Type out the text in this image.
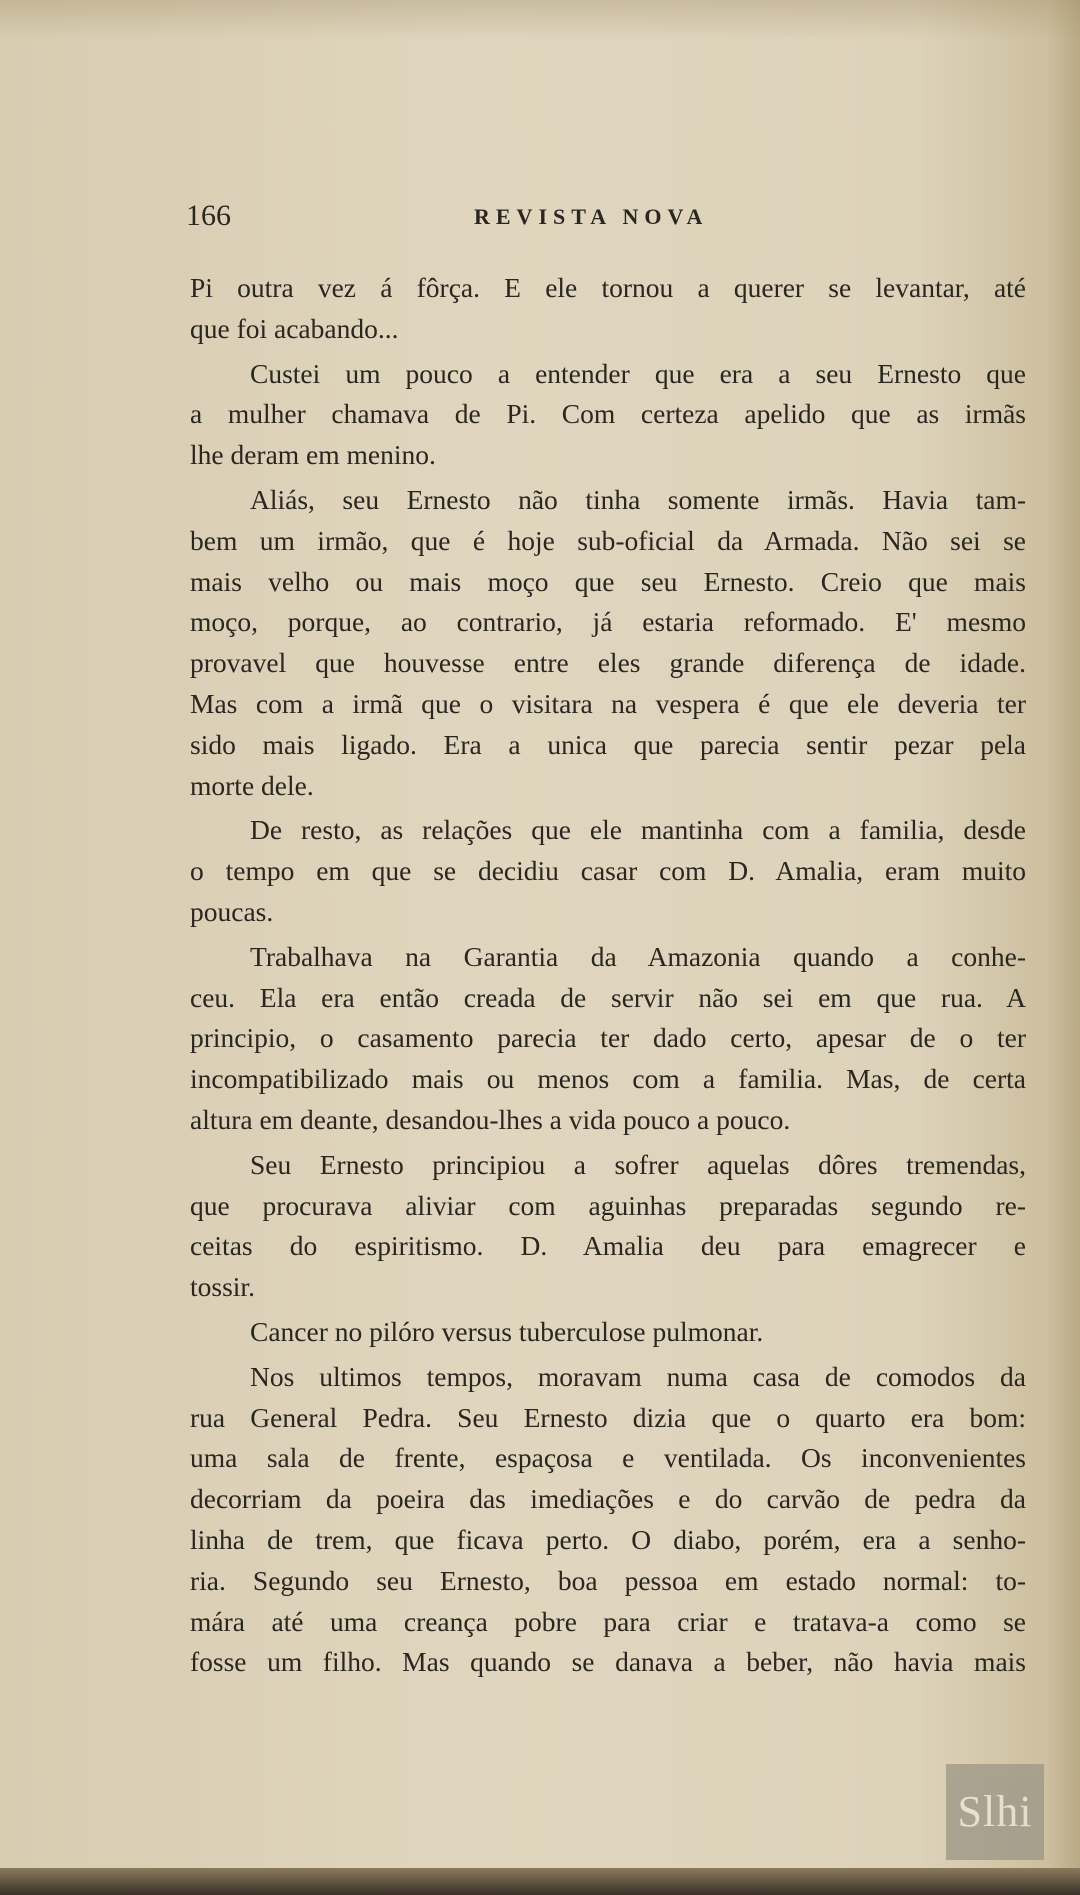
166	REVISTA NOVA
Pi outra vez á fôrça. E ele tornou a querer se levantar, até
que foi acabando...
Custei um pouco a entender que era a seu Ernesto que
a mulher chamava de Pi. Com certeza apelido que as irmãs
lhe deram em menino.
Aliás, seu Ernesto não tinha somente irmãs. Havia tam-
bem um irmão, que é hoje sub-oficial da Armada. Não sei se
mais velho ou mais moço que seu Ernesto. Creio que mais
moço, porque, ao contrario, já estaria reformado. E' mesmo
provavel que houvesse entre eles grande diferença de idade.
Mas com a irmã que o visitara na vespera é que ele deveria ter
sido mais ligado. Era a unica que parecia sentir pezar pela
morte dele.
De resto, as relações que ele mantinha com a familia, desde
o tempo em que se decidiu casar com D. Amalia, eram muito
poucas.
Trabalhava na Garantia da Amazonia quando a conhe-
ceu. Ela era então creada de servir não sei em que rua. A
principio, o casamento parecia ter dado certo, apesar de o ter
incompatibilizado mais ou menos com a familia. Mas, de certa
altura em deante, desandou-lhes a vida pouco a pouco.
Seu Ernesto principiou a sofrer aquelas dôres tremendas,
que procurava aliviar com aguinhas preparadas segundo re-
ceitas do espiritismo. D. Amalia deu para emagrecer e
tossir.
Cancer no pilóro versus tuberculose pulmonar.
Nos ultimos tempos, moravam numa casa de comodos da
rua General Pedra. Seu Ernesto dizia que o quarto era bom:
uma sala de frente, espaçosa e ventilada. Os inconvenientes
decorriam da poeira das imediações e do carvão de pedra da
linha de trem, que ficava perto. O diabo, porém, era a senho-
ria. Segundo seu Ernesto, boa pessoa em estado normal: to-
mára até uma creança pobre para criar e tratava-a como se
fosse um filho. Mas quando se danava a beber, não havia mais
Slhi
